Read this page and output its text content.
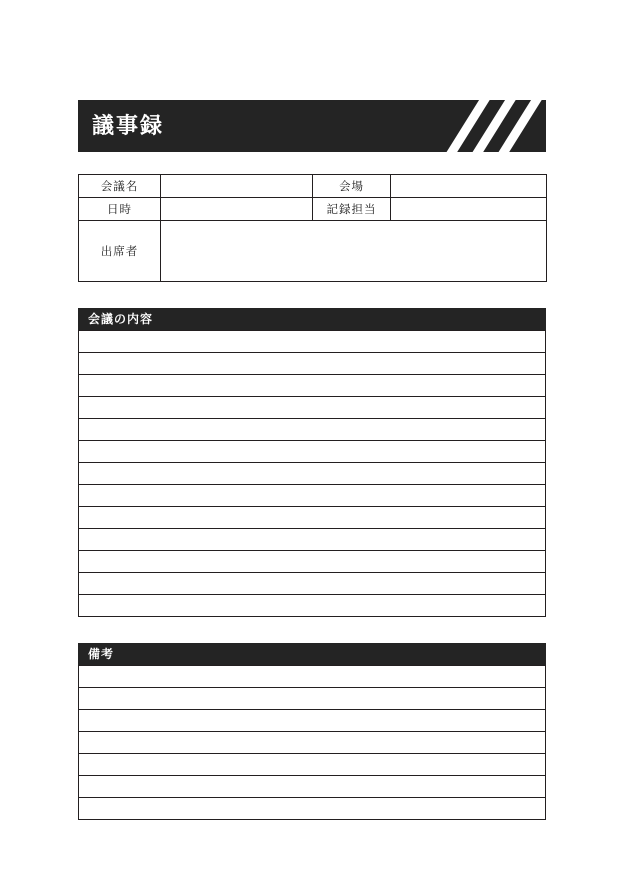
議事録
会議名		会場	
日時		記録担当	
出席者			
会議の内容

備考
